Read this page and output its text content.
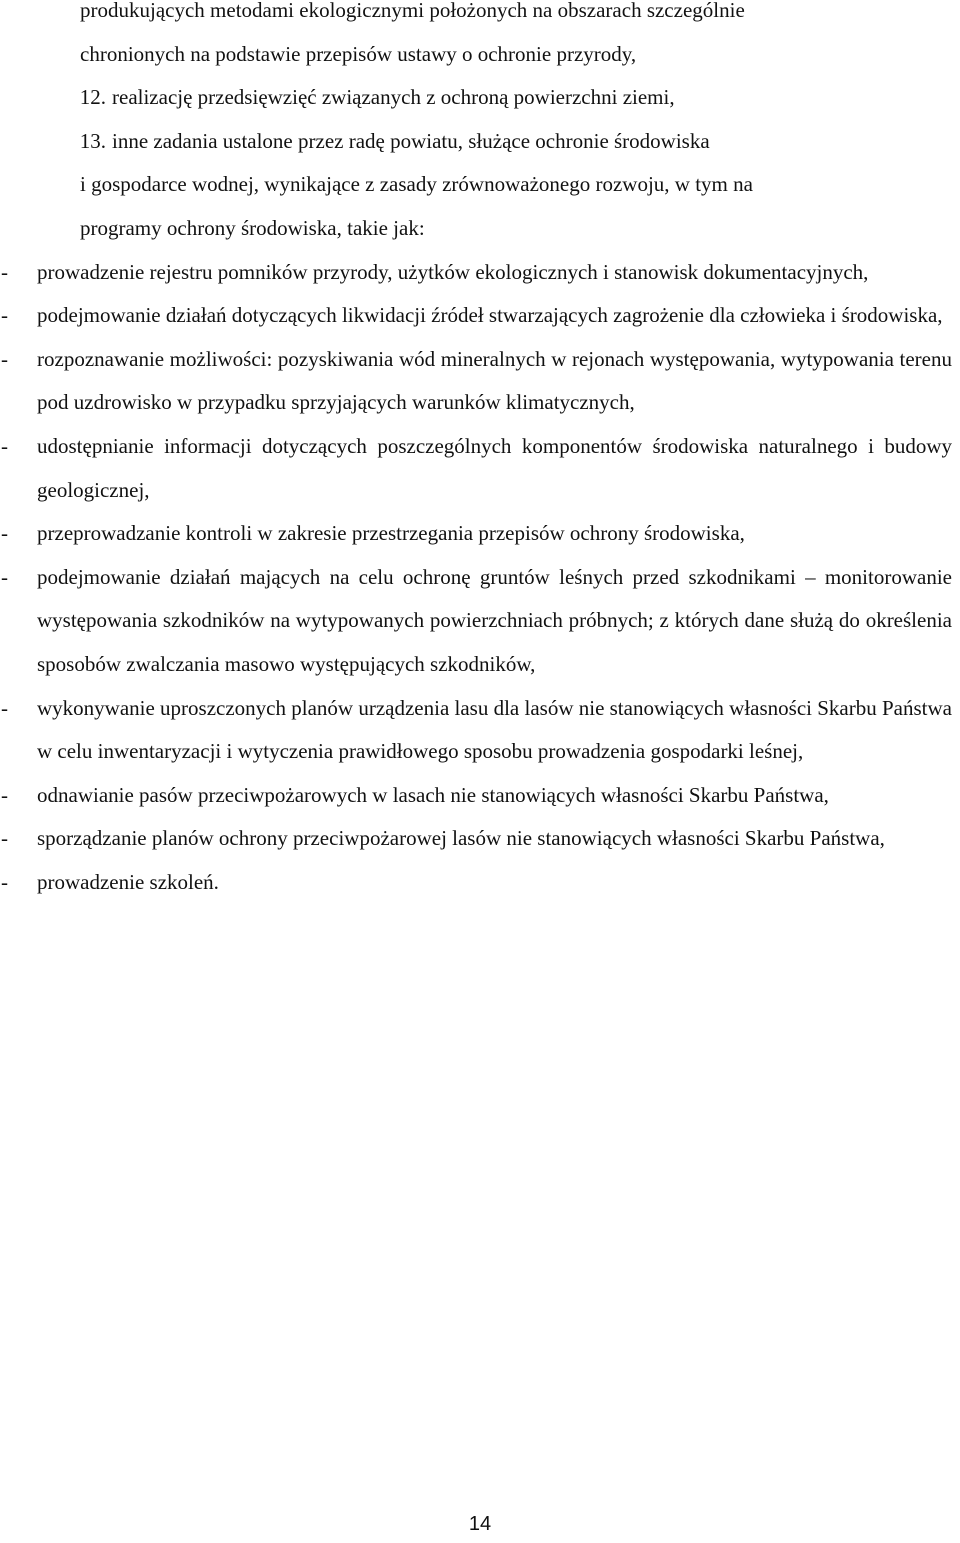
produkujących metodami ekologicznymi położonych na obszarach szczególnie

chronionych na podstawie przepisów ustawy o ochronie przyrody,

12. realizację przedsięwzięć związanych z ochroną powierzchni ziemi,
13. inne zadania ustalone przez radę powiatu, służące ochronie środowiska
i gospodarce wodnej, wynikające z zasady zrównoważonego rozwoju, w tym na
programy ochrony środowiska, takie jak:
-	prowadzenie rejestru pomników przyrody, użytków ekologicznych i stanowisk dokumentacyjnych,
-	podejmowanie działań dotyczących likwidacji źródeł stwarzających zagrożenie dla człowieka i środowiska,
-	rozpoznawanie możliwości: pozyskiwania wód mineralnych w rejonach występowania, wytypowania terenu pod uzdrowisko w przypadku sprzyjających warunków klimatycznych,
-	udostępnianie informacji dotyczących poszczególnych komponentów środowiska naturalnego i budowy geologicznej,
-	przeprowadzanie kontroli w zakresie przestrzegania przepisów ochrony środowiska,
-	podejmowanie działań mających na celu ochronę gruntów leśnych przed szkodnikami – monitorowanie występowania szkodników na wytypowanych powierzchniach próbnych; z których dane służą do określenia sposobów zwalczania masowo występujących szkodników,
-	wykonywanie uproszczonych planów urządzenia lasu dla lasów nie stanowiących własności Skarbu Państwa w celu inwentaryzacji i wytyczenia prawidłowego sposobu prowadzenia gospodarki leśnej,
-	odnawianie pasów przeciwpożarowych w lasach nie stanowiących własności Skarbu Państwa,
-	sporządzanie planów ochrony przeciwpożarowej lasów nie stanowiących własności Skarbu Państwa,
-	prowadzenie szkoleń.
14
